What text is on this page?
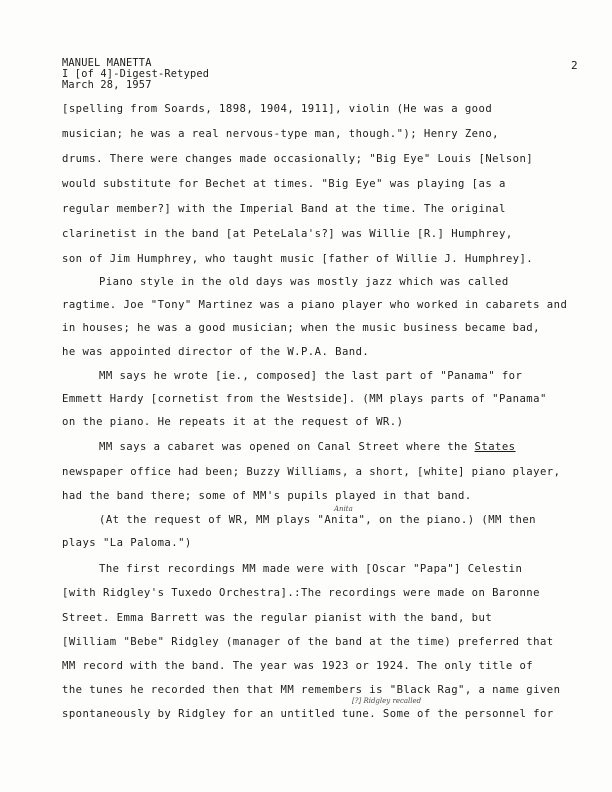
MANUEL MANETTA
I [of 4]-Digest-Retyped
March 28, 1957
2
[spelling from Soards, 1898, 1904, 1911], violin (He was a good
musician; he was a real nervous-type man, though."); Henry Zeno,
drums. There were changes made occasionally; "Big Eye" Louis [Nelson]
would substitute for Bechet at times. "Big Eye" was playing [as a
regular member?] with the Imperial Band at the time. The original
clarinetist in the band [at PeteLala's?] was Willie [R.] Humphrey,
son of Jim Humphrey, who taught music [father of Willie J. Humphrey].
Piano style in the old days was mostly jazz which was called
ragtime. Joe "Tony" Martinez was a piano player who worked in cabarets and
in houses; he was a good musician; when the music business became bad,
he was appointed director of the W.P.A. Band.
MM says he wrote [ie., composed] the last part of "Panama" for
Emmett Hardy [cornetist from the Westside]. (MM plays parts of "Panama"
on the piano. He repeats it at the request of WR.)
MM says a cabaret was opened on Canal Street where the States
newspaper office had been; Buzzy Williams, a short, [white] piano player,
had the band there; some of MM's pupils played in that band.
Anita
(At the request of WR, MM plays "Anita", on the piano.) (MM then
plays "La Paloma.")
The first recordings MM made were with [Oscar "Papa"] Celestin
[with Ridgley's Tuxedo Orchestra].:The recordings were made on Baronne
Street. Emma Barrett was the regular pianist with the band, but
[William "Bebe" Ridgley (manager of the band at the time) preferred that
MM record with the band. The year was 1923 or 1924. The only title of
the tunes he recorded then that MM remembers is "Black Rag", a name given
[?] Ridgley recalled
spontaneously by Ridgley for an untitled tune. Some of the personnel for
